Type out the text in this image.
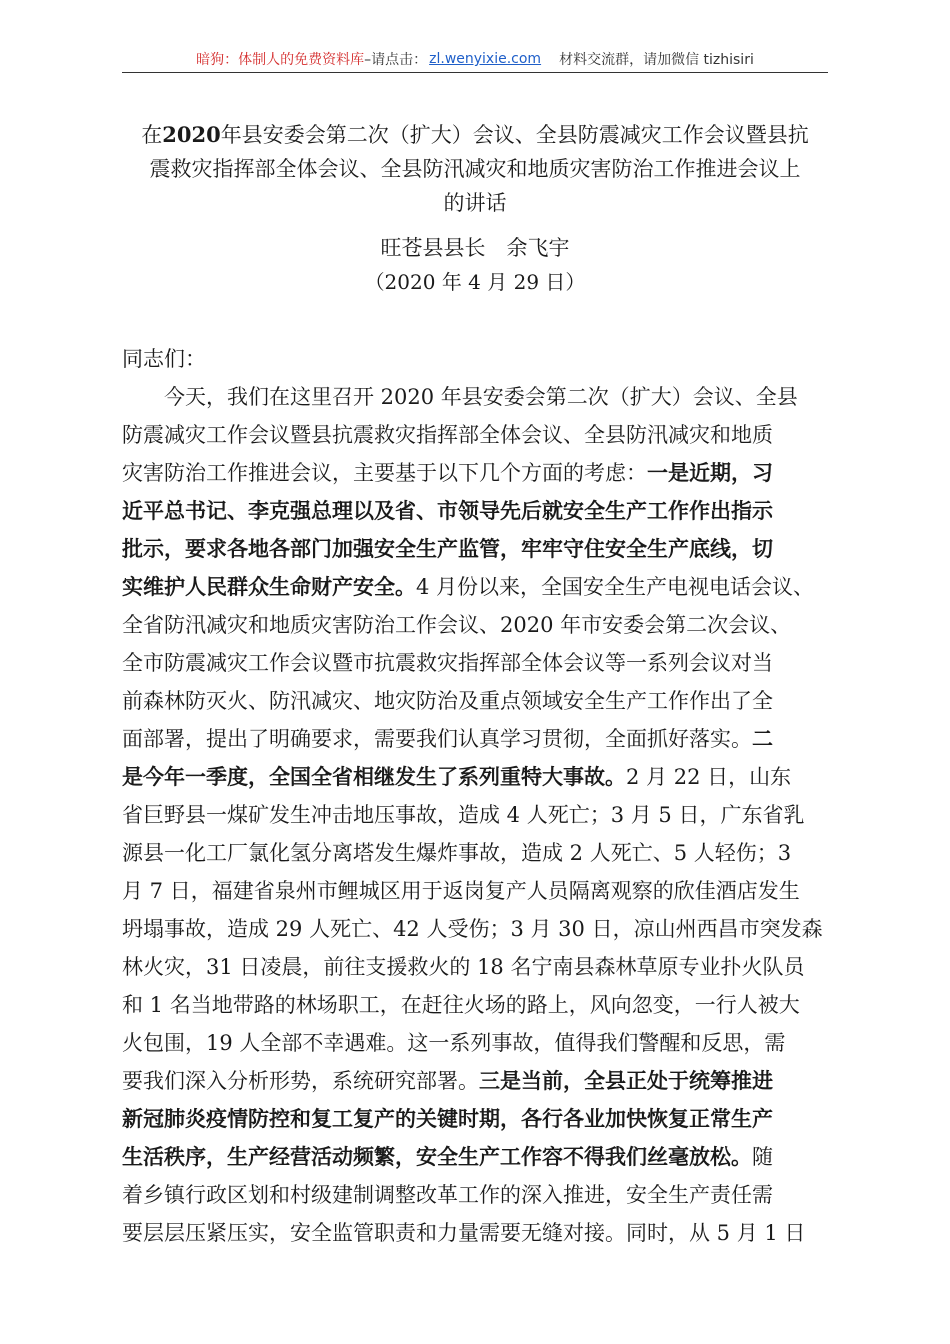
暗狗：体制人的免费资料库 –请点击： zl.wenyixie.com 材料交流群，请加微信 tizhisiri
在2020年县安委会第二次（扩大）会议、全县防震减灾工作会议暨县抗
震救灾指挥部全体会议、全县防汛减灾和地质灾害防治工作推进会议上
的讲话
旺苍县县长　余飞宇
（2020 年 4 月 29 日）
同志们：
今天，我们在这里召开 2020 年县安委会第二次（扩大）会议、全县
防震减灾工作会议暨县抗震救灾指挥部全体会议、全县防汛减灾和地质
灾害防治工作推进会议，主要基于以下几个方面的考虑：一是近期，习
近平总书记、李克强总理以及省、市领导先后就安全生产工作作出指示
批示，要求各地各部门加强安全生产监管，牢牢守住安全生产底线，切
实维护人民群众生命财产安全。4 月份以来，全国安全生产电视电话会议、
全省防汛减灾和地质灾害防治工作会议、2020 年市安委会第二次会议、
全市防震减灾工作会议暨市抗震救灾指挥部全体会议等一系列会议对当
前森林防灭火、防汛减灾、地灾防治及重点领域安全生产工作作出了全
面部署，提出了明确要求，需要我们认真学习贯彻，全面抓好落实。二
是今年一季度，全国全省相继发生了系列重特大事故。2 月 22 日，山东
省巨野县一煤矿发生冲击地压事故，造成 4 人死亡；3 月 5 日，广东省乳
源县一化工厂氯化氢分离塔发生爆炸事故，造成 2 人死亡、5 人轻伤；3
月 7 日，福建省泉州市鲤城区用于返岗复产人员隔离观察的欣佳酒店发生
坍塌事故，造成 29 人死亡、42 人受伤；3 月 30 日，凉山州西昌市突发森
林火灾，31 日凌晨，前往支援救火的 18 名宁南县森林草原专业扑火队员
和 1 名当地带路的林场职工，在赶往火场的路上，风向忽变，一行人被大
火包围，19 人全部不幸遇难。这一系列事故，值得我们警醒和反思，需
要我们深入分析形势，系统研究部署。三是当前，全县正处于统筹推进
新冠肺炎疫情防控和复工复产的关键时期，各行各业加快恢复正常生产
生活秩序，生产经营活动频繁，安全生产工作容不得我们丝毫放松。随
着乡镇行政区划和村级建制调整改革工作的深入推进，安全生产责任需
要层层压紧压实，安全监管职责和力量需要无缝对接。同时，从 5 月 1 日
